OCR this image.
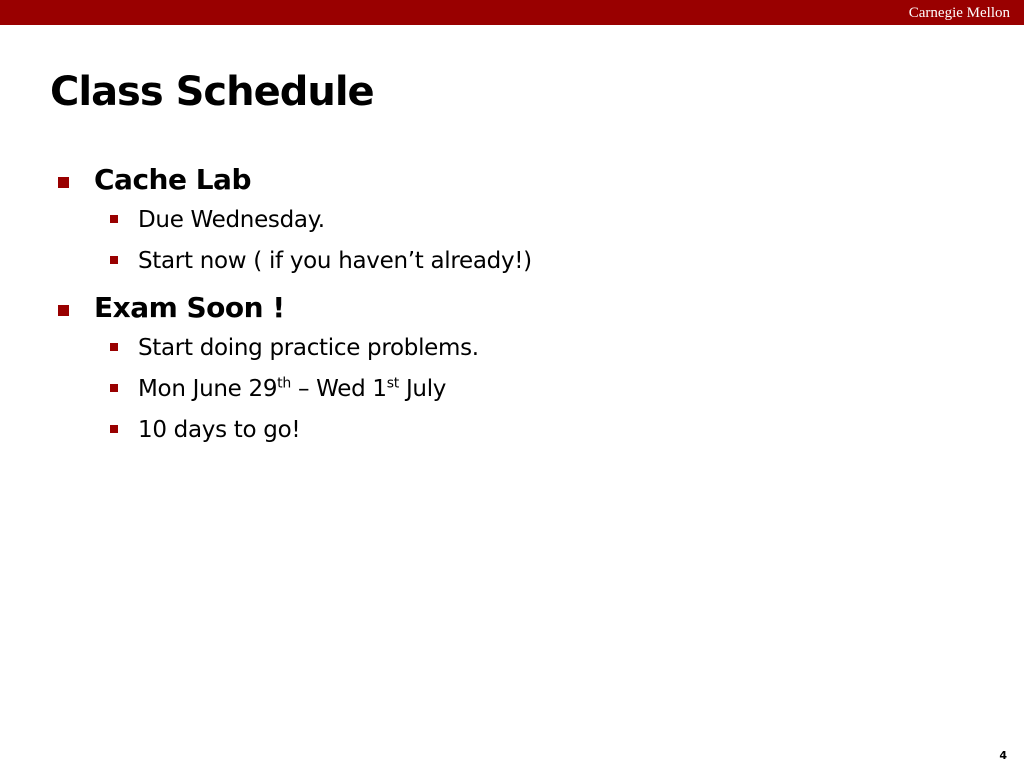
Carnegie Mellon
Class Schedule
Cache Lab
Due Wednesday.
Start now ( if you haven’t already!)
Exam Soon !
Start doing practice problems.
Mon June 29th – Wed 1st July
10 days to go!
4
